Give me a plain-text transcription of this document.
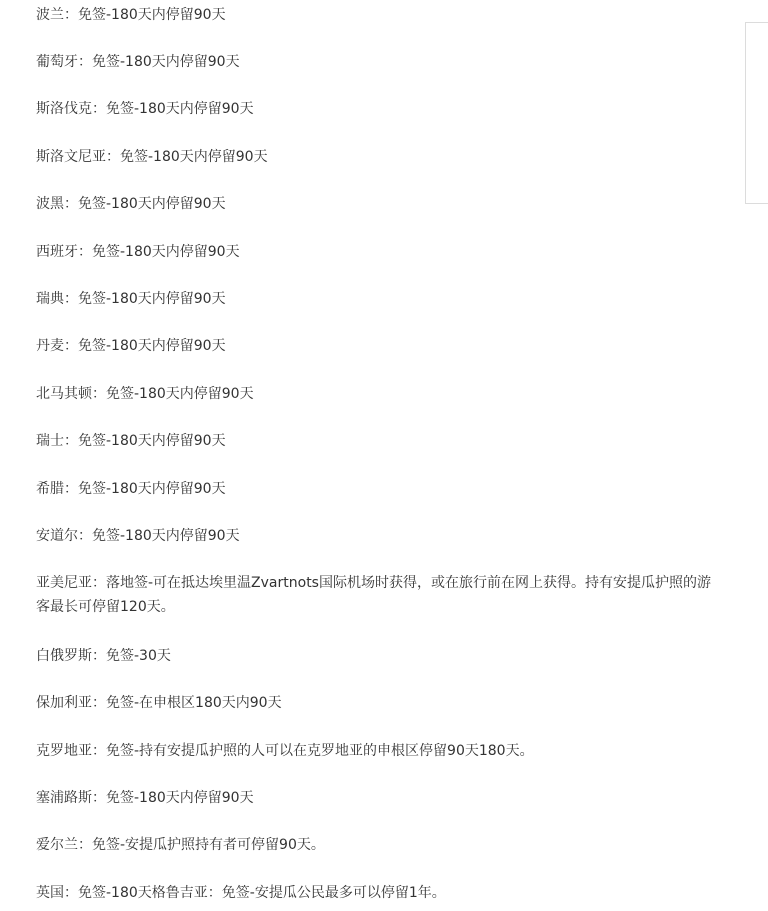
波兰：免签-180天内停留90天

葡萄牙：免签-180天内停留90天

斯洛伐克：免签-180天内停留90天

斯洛文尼亚：免签-180天内停留90天

波黑：免签-180天内停留90天

西班牙：免签-180天内停留90天

瑞典：免签-180天内停留90天

丹麦：免签-180天内停留90天

北马其顿：免签-180天内停留90天

瑞士：免签-180天内停留90天

希腊：免签-180天内停留90天

安道尔：免签-180天内停留90天

亚美尼亚：落地签-可在抵达埃里温Zvartnots国际机场时获得，或在旅行前在网上获得。持有安提瓜护照的游客最长可停留120天。

白俄罗斯：免签-30天

保加利亚：免签-在申根区180天内90天

克罗地亚：免签-持有安提瓜护照的人可以在克罗地亚的申根区停留90天180天。

塞浦路斯：免签-180天内停留90天

爱尔兰：免签-安提瓜护照持有者可停留90天。

英国：免签-180天格鲁吉亚：免签-安提瓜公民最多可以停留1年。
